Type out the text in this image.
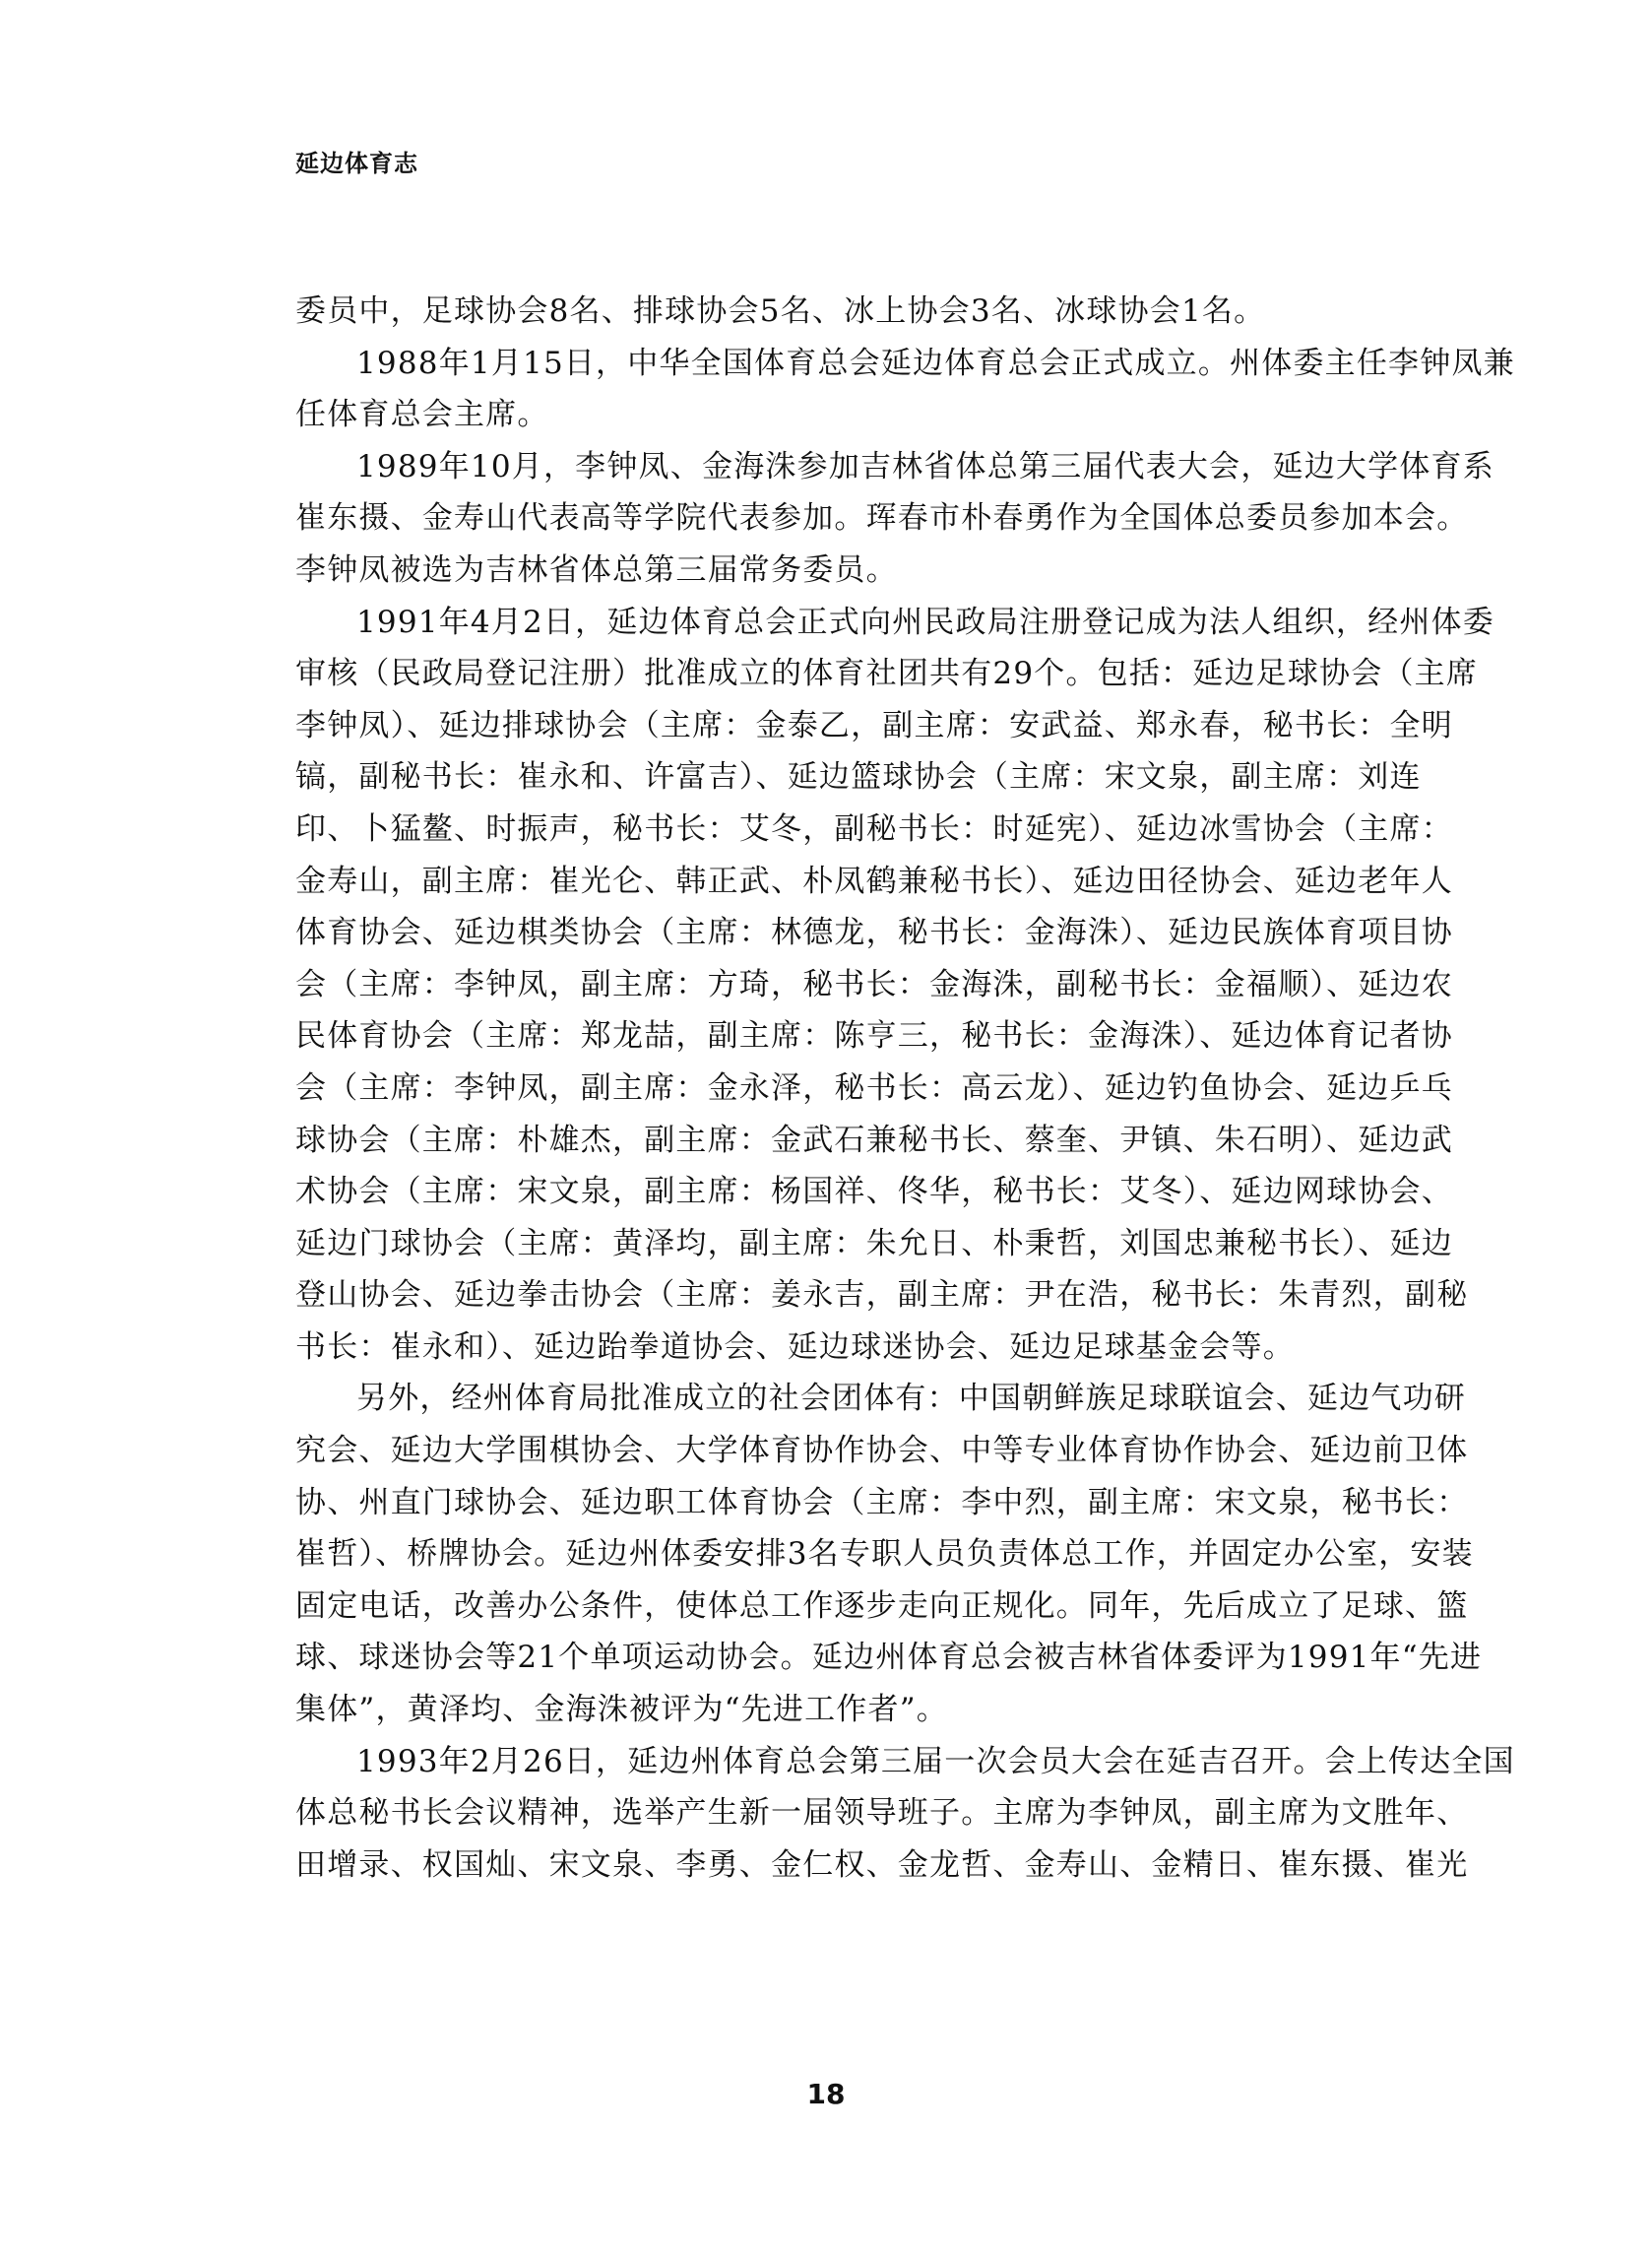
延边体育志
委员中，足球协会8名、排球协会5名、冰上协会3名、冰球协会1名。
1988年1月15日，中华全国体育总会延边体育总会正式成立。州体委主任李钟凤兼
任体育总会主席。
1989年10月，李钟凤、金海洙参加吉林省体总第三届代表大会，延边大学体育系
崔东摄、金寿山代表高等学院代表参加。珲春市朴春勇作为全国体总委员参加本会。
李钟凤被选为吉林省体总第三届常务委员。
1991年4月2日，延边体育总会正式向州民政局注册登记成为法人组织，经州体委
审核（民政局登记注册）批准成立的体育社团共有29个。包括：延边足球协会（主席
李钟凤）、延边排球协会（主席：金泰乙，副主席：安武益、郑永春，秘书长：全明
镐，副秘书长：崔永和、许富吉）、延边篮球协会（主席：宋文泉，副主席：刘连
印、卜猛鳌、时振声，秘书长：艾冬，副秘书长：时延宪）、延边冰雪协会（主席：
金寿山，副主席：崔光仑、韩正武、朴凤鹤兼秘书长）、延边田径协会、延边老年人
体育协会、延边棋类协会（主席：林德龙，秘书长：金海洙）、延边民族体育项目协
会（主席：李钟凤，副主席：方琦，秘书长：金海洙，副秘书长：金福顺）、延边农
民体育协会（主席：郑龙喆，副主席：陈亨三，秘书长：金海洙）、延边体育记者协
会（主席：李钟凤，副主席：金永泽，秘书长：高云龙）、延边钓鱼协会、延边乒乓
球协会（主席：朴雄杰，副主席：金武石兼秘书长、蔡奎、尹镇、朱石明）、延边武
术协会（主席：宋文泉，副主席：杨国祥、佟华，秘书长：艾冬）、延边网球协会、
延边门球协会（主席：黄泽均，副主席：朱允日、朴秉哲，刘国忠兼秘书长）、延边
登山协会、延边拳击协会（主席：姜永吉，副主席：尹在浩，秘书长：朱青烈，副秘
书长：崔永和）、延边跆拳道协会、延边球迷协会、延边足球基金会等。
另外，经州体育局批准成立的社会团体有：中国朝鲜族足球联谊会、延边气功研
究会、延边大学围棋协会、大学体育协作协会、中等专业体育协作协会、延边前卫体
协、州直门球协会、延边职工体育协会（主席：李中烈，副主席：宋文泉，秘书长：
崔哲）、桥牌协会。延边州体委安排3名专职人员负责体总工作，并固定办公室，安装
固定电话，改善办公条件，使体总工作逐步走向正规化。同年，先后成立了足球、篮
球、球迷协会等21个单项运动协会。延边州体育总会被吉林省体委评为1991年“先进
集体”，黄泽均、金海洙被评为“先进工作者”。
1993年2月26日，延边州体育总会第三届一次会员大会在延吉召开。会上传达全国
体总秘书长会议精神，选举产生新一届领导班子。主席为李钟凤，副主席为文胜年、
田增录、权国灿、宋文泉、李勇、金仁权、金龙哲、金寿山、金精日、崔东摄、崔光
18
